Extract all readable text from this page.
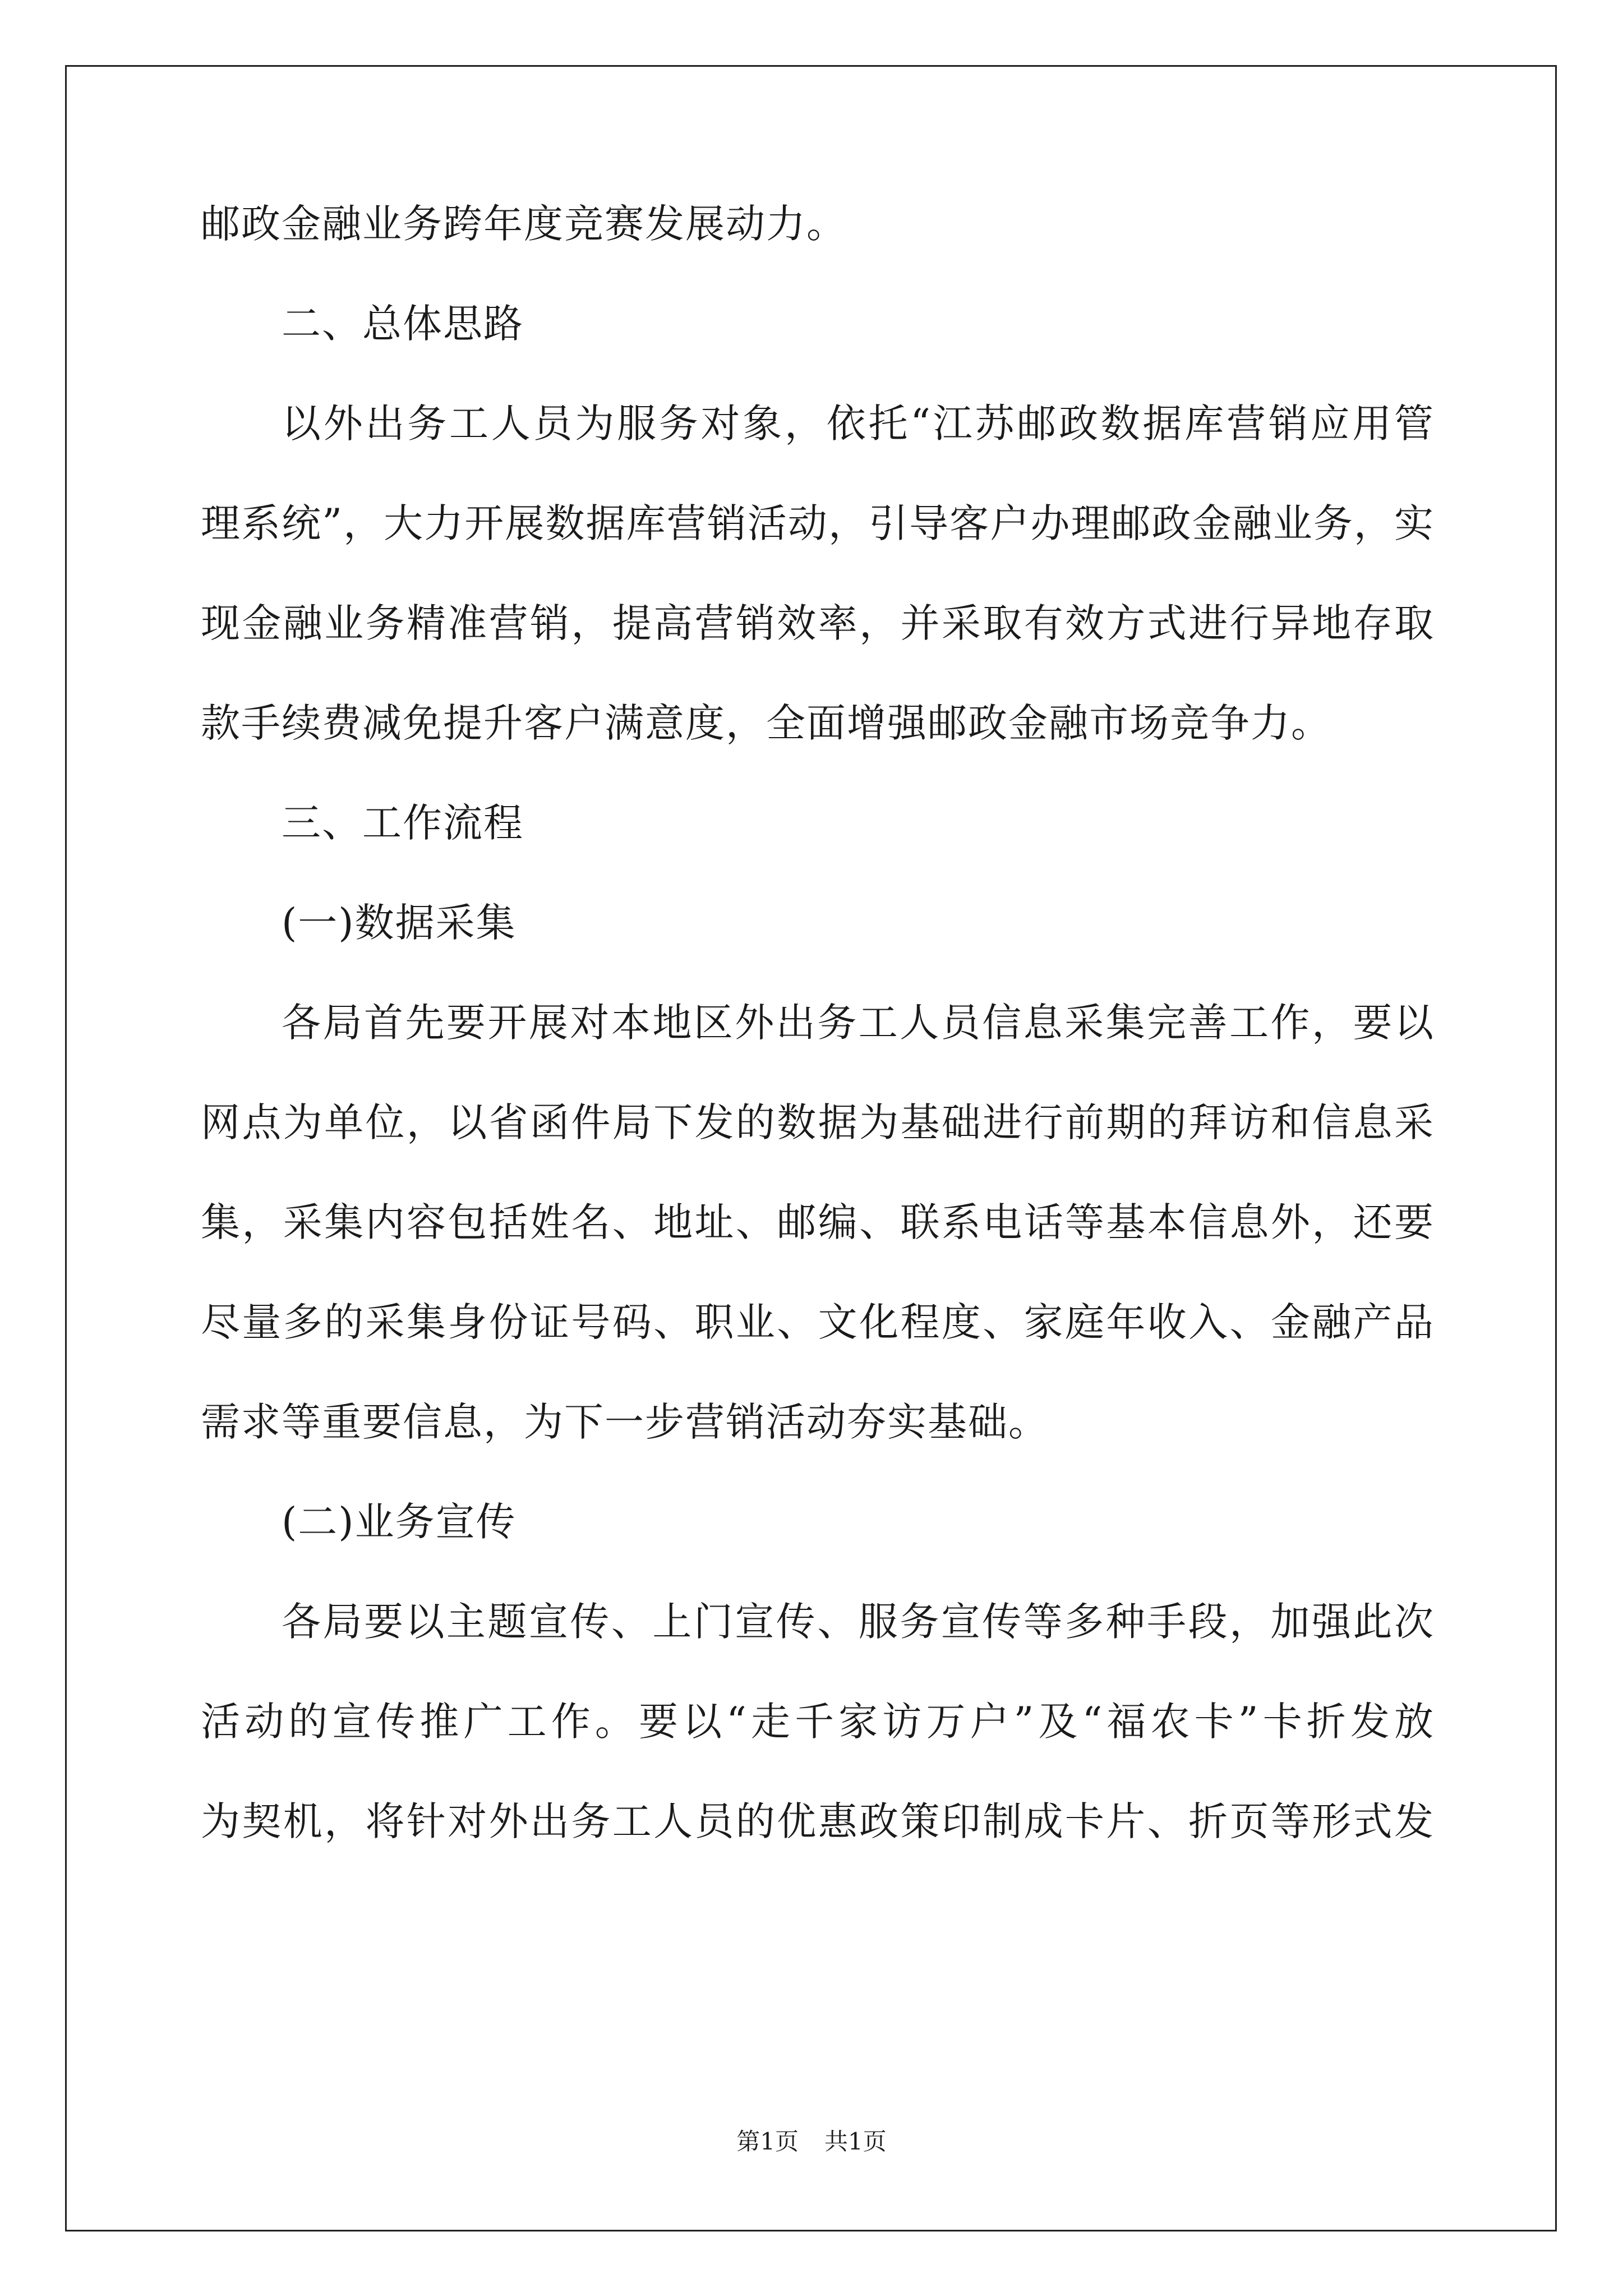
邮政金融业务跨年度竞赛发展动力。

二、总体思路

以外出务工人员为服务对象，依托“江苏邮政数据库营销应用管

理系统”，大力开展数据库营销活动，引导客户办理邮政金融业务，实

现金融业务精准营销，提高营销效率，并采取有效方式进行异地存取

款手续费减免提升客户满意度，全面增强邮政金融市场竞争力。

三、工作流程

(一)数据采集

各局首先要开展对本地区外出务工人员信息采集完善工作，要以

网点为单位，以省函件局下发的数据为基础进行前期的拜访和信息采

集，采集内容包括姓名、地址、邮编、联系电话等基本信息外，还要

尽量多的采集身份证号码、职业、文化程度、家庭年收入、金融产品

需求等重要信息，为下一步营销活动夯实基础。

(二)业务宣传

各局要以主题宣传、上门宣传、服务宣传等多种手段，加强此次

活动的宣传推广工作。要以“走千家访万户”及“福农卡”卡折发放

为契机，将针对外出务工人员的优惠政策印制成卡片、折页等形式发

第1页 共1页
